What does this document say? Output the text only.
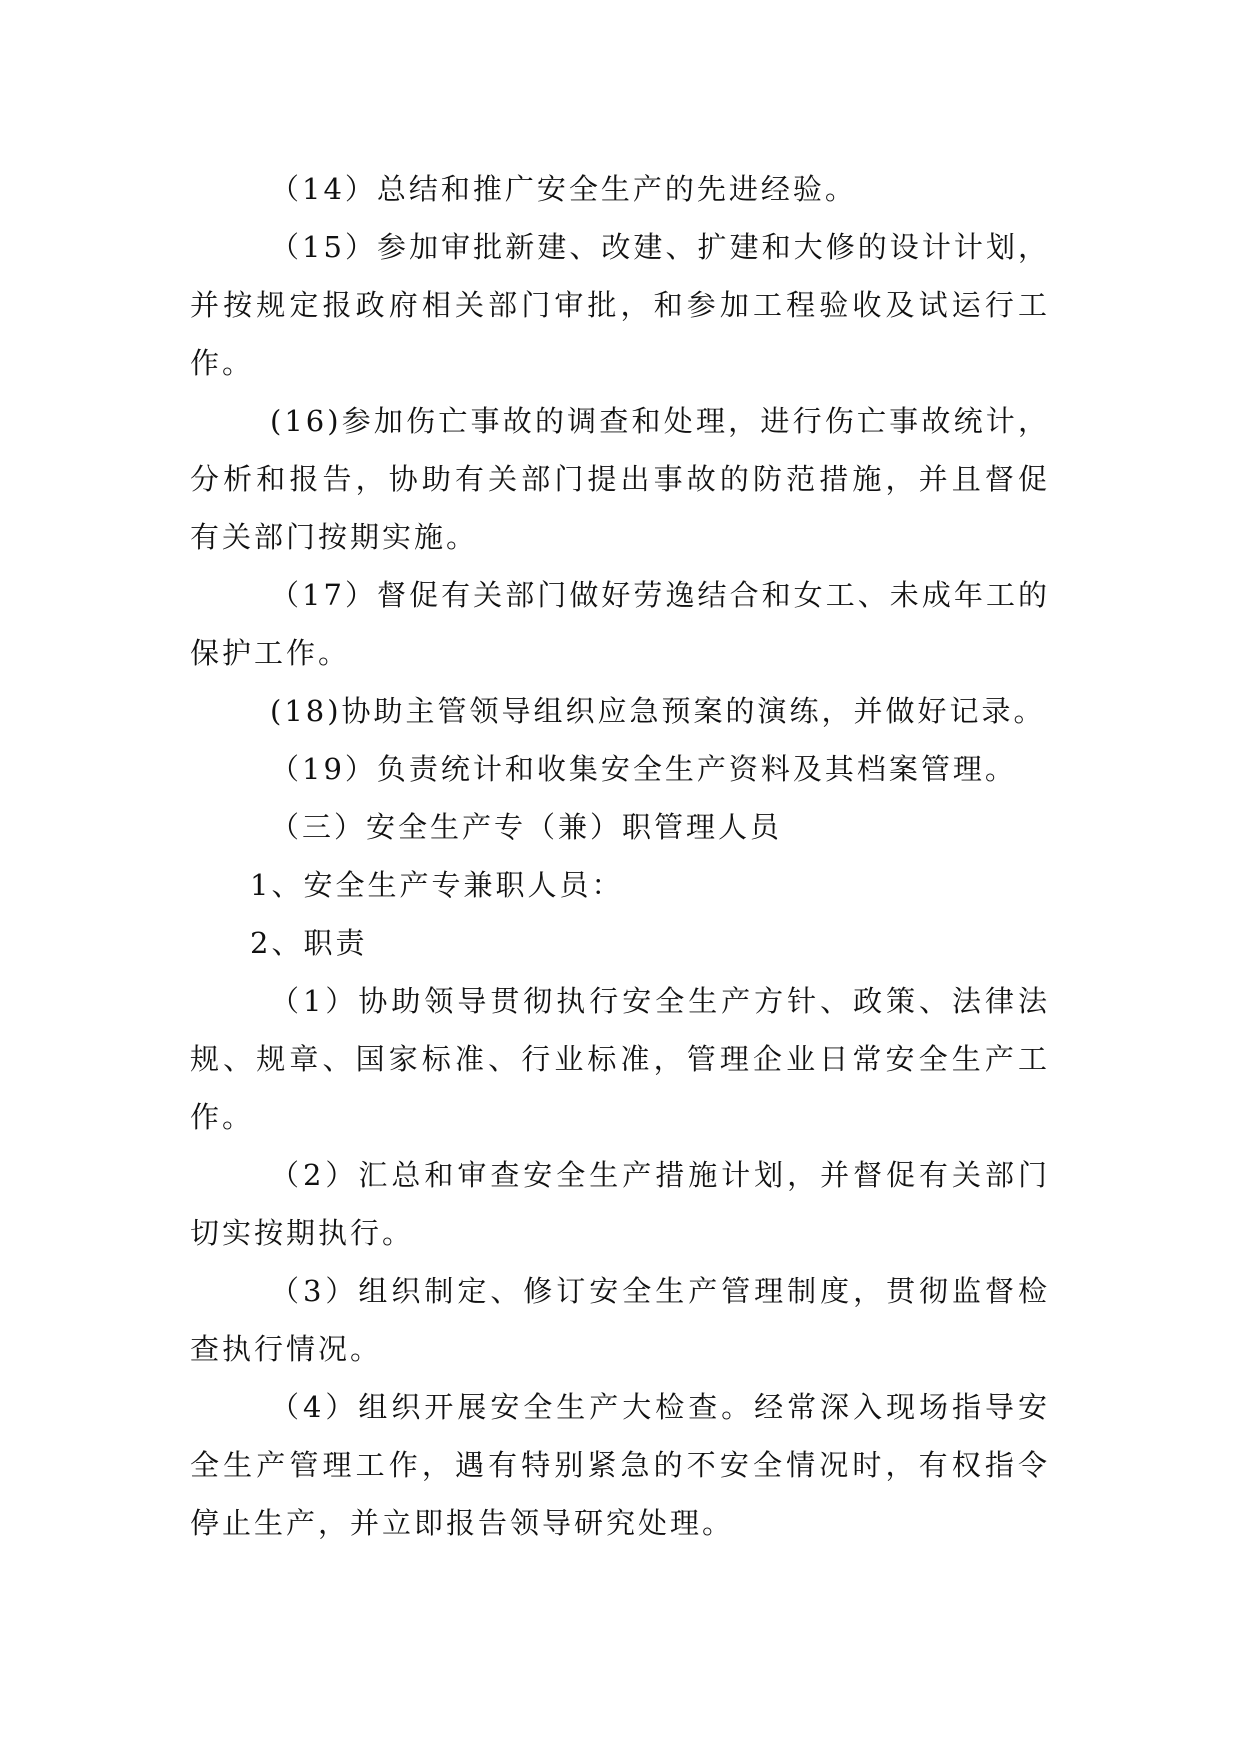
（14）总结和推广安全生产的先进经验。

（15）参加审批新建、改建、扩建和大修的设计计划，并按规定报政府相关部门审批，和参加工程验收及试运行工作。

(16)参加伤亡事故的调查和处理，进行伤亡事故统计，分析和报告，协助有关部门提出事故的防范措施，并且督促有关部门按期实施。

（17）督促有关部门做好劳逸结合和女工、未成年工的保护工作。

(18)协助主管领导组织应急预案的演练，并做好记录。

（19）负责统计和收集安全生产资料及其档案管理。

（三）安全生产专（兼）职管理人员

1、安全生产专兼职人员：

2、职责

（1）协助领导贯彻执行安全生产方针、政策、法律法规、规章、国家标准、行业标准，管理企业日常安全生产工作。

（2）汇总和审查安全生产措施计划，并督促有关部门切实按期执行。

（3）组织制定、修订安全生产管理制度，贯彻监督检查执行情况。

（4）组织开展安全生产大检查。经常深入现场指导安全生产管理工作，遇有特别紧急的不安全情况时，有权指令停止生产，并立即报告领导研究处理。
